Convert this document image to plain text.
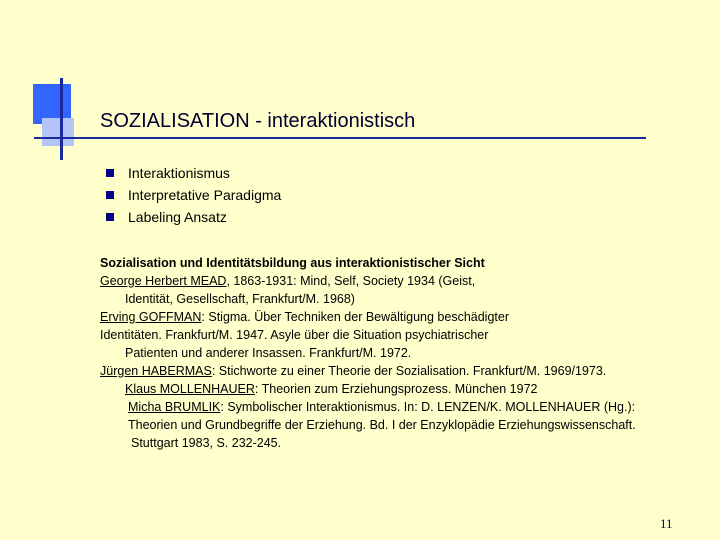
SOZIALISATION - interaktionistisch
Interaktionismus
Interpretative Paradigma
Labeling Ansatz
Sozialisation und Identitätsbildung aus interaktionistischer Sicht
George Herbert MEAD, 1863-1931: Mind, Self, Society 1934 (Geist,
Identität, Gesellschaft, Frankfurt/M. 1968)
Erving GOFFMAN: Stigma. Über Techniken der Bewältigung beschädigter
Identitäten. Frankfurt/M. 1947. Asyle über die Situation psychiatrischer
Patienten und anderer Insassen. Frankfurt/M. 1972.
Jürgen HABERMAS: Stichworte zu einer Theorie der Sozialisation. Frankfurt/M. 1969/1973.
Klaus MOLLENHAUER: Theorien zum Erziehungsprozess. München 1972
Micha BRUMLIK: Symbolischer Interaktionismus. In: D. LENZEN/K. MOLLENHAUER (Hg.):
Theorien und Grundbegriffe der Erziehung. Bd. I der Enzyklopädie Erziehungswissenschaft.
Stuttgart 1983, S. 232-245.
11
